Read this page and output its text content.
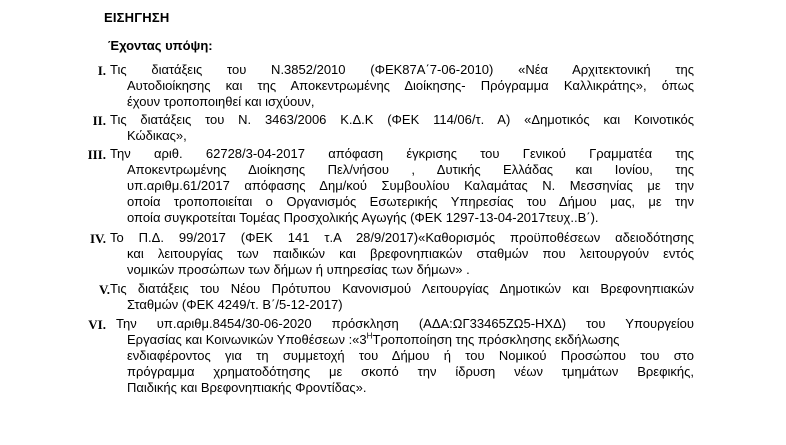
ΕΙΣΗΓΗΣΗ
Έχοντας υπόψη:
I. Τις διατάξεις του Ν.3852/2010 (ΦΕΚ87Α΄7-06-2010) «Νέα Αρχιτεκτονική της
Αυτοδιοίκησης και της Αποκεντρωμένης Διοίκησης- Πρόγραμμα Καλλικράτης», όπως
έχουν τροποποιηθεί και ισχύουν,
II. Τις διατάξεις του Ν. 3463/2006 Κ.Δ.Κ (ΦΕΚ 114/06/τ. Α) «Δημοτικός και Κοινοτικός
Κώδικας»,
III. Την αριθ. 62728/3-04-2017 απόφαση έγκρισης του Γενικού Γραμματέα της
Αποκεντρωμένης Διοίκησης Πελ/νήσου , Δυτικής Ελλάδας και Ιονίου, της
υπ.αριθμ.61/2017 απόφασης Δημ/κού Συμβουλίου Καλαμάτας Ν. Μεσσηνίας με την
οποία τροποποιείται ο Οργανισμός Εσωτερικής Υπηρεσίας του Δήμου μας, με την
οποία συγκροτείται Τομέας Προσχολικής Αγωγής (ΦΕΚ 1297-13-04-2017τευχ..Β΄).
IV. Το Π.Δ. 99/2017 (ΦΕΚ 141 τ.Α 28/9/2017)«Καθορισμός προϋποθέσεων αδειοδότησης
και λειτουργίας των παιδικών και βρεφονηπιακών σταθμών που λειτουργούν εντός
νομικών προσώπων των δήμων ή υπηρεσίας των δήμων» .
V. Τις διατάξεις του Νέου Πρότυπου Κανονισμού Λειτουργίας Δημοτικών και Βρεφονηπιακών
Σταθμών (ΦΕΚ 4249/τ. Β΄/5-12-2017)
VI. Την υπ.αριθμ.8454/30-06-2020 πρόσκληση (ΑΔΑ:ΩΓ33465ΖΩ5-ΗΧΔ) του Υπουργείου
Εργασίας και Κοινωνικών Υποθέσεων $:«3^HT\rho o\pi o\pi oί\eta\sigma\eta$ της πρόσκλησης εκδήλωσης
ενδιαφέροντος για τη συμμετοχή του Δήμου ή του Νομικού Προσώπου του στο
πρόγραμμα χρηματοδότησης με σκοπό την ίδρυση νέων τμημάτων Βρεφικής,
Παιδικής και Βρεφονηπιακής Φροντίδας».
